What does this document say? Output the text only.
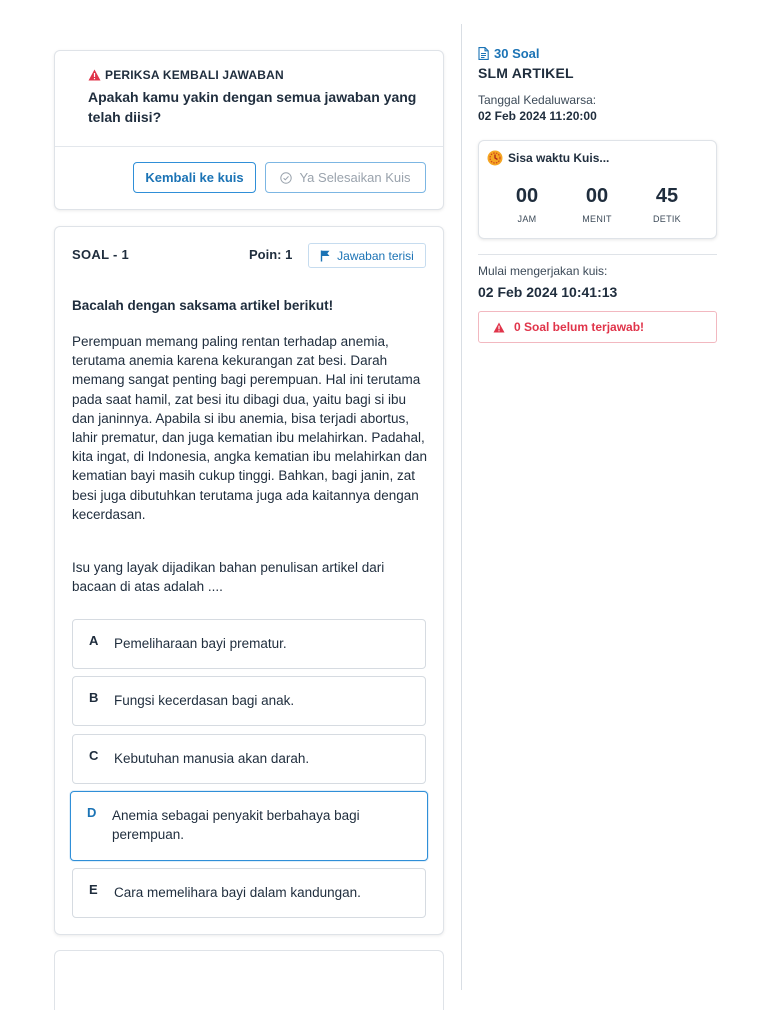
PERIKSA KEMBALI JAWABAN
Apakah kamu yakin dengan semua jawaban yang telah diisi?
Kembali ke kuis	Ya Selesaikan Kuis
SOAL - 1	Poin: 1	Jawaban terisi
Bacalah dengan saksama artikel berikut!
Perempuan memang paling rentan terhadap anemia, terutama anemia karena kekurangan zat besi. Darah memang sangat penting bagi perempuan. Hal ini terutama pada saat hamil, zat besi itu dibagi dua, yaitu bagi si ibu dan janinnya. Apabila si ibu anemia, bisa terjadi abortus, lahir prematur, dan juga kematian ibu melahirkan. Padahal, kita ingat, di Indonesia, angka kematian ibu melahirkan dan kematian bayi masih cukup tinggi. Bahkan, bagi janin, zat besi juga dibutuhkan terutama juga ada kaitannya dengan kecerdasan.
Isu yang layak dijadikan bahan penulisan artikel dari bacaan di atas adalah ....
A Pemeliharaan bayi prematur.
B Fungsi kecerdasan bagi anak.
C Kebutuhan manusia akan darah.
D Anemia sebagai penyakit berbahaya bagi perempuan.
E Cara memelihara bayi dalam kandungan.
30 Soal
SLM ARTIKEL
Tanggal Kedaluwarsa:
02 Feb 2024 11:20:00
Sisa waktu Kuis...
00
JAM
00
MENIT
45
DETIK
Mulai mengerjakan kuis:
02 Feb 2024 10:41:13
0 Soal belum terjawab!
